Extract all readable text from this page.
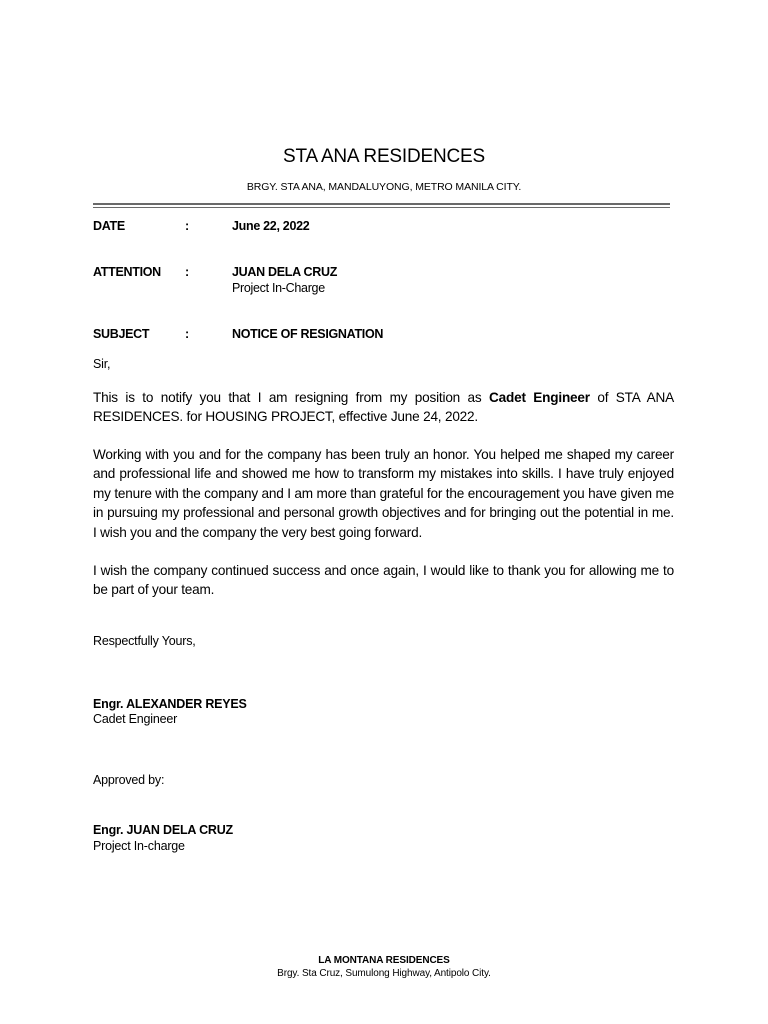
STA ANA RESIDENCES
BRGY. STA ANA, MANDALUYONG, METRO MANILA CITY.
DATE	:	June 22, 2022
ATTENTION :	JUAN DELA CRUZ
Project In-Charge
SUBJECT	:	NOTICE OF RESIGNATION
Sir,
This is to notify you that I am resigning from my position as Cadet Engineer of STA ANA
RESIDENCES. for HOUSING PROJECT, effective June 24, 2022.
Working with you and for the company has been truly an honor. You helped me shaped my career and professional life and showed me how to transform my mistakes into skills. I have truly enjoyed my tenure with the company and I am more than grateful for the encouragement you have given me in pursuing my professional and personal growth objectives and for bringing out the potential in me. I wish you and the company the very best going forward.
I wish the company continued success and once again, I would like to thank you for allowing me to be part of your team.
Respectfully Yours,
Engr. ALEXANDER REYES
Cadet Engineer
Approved by:
Engr. JUAN DELA CRUZ
Project In-charge
LA MONTANA RESIDENCES
Brgy. Sta Cruz, Sumulong Highway, Antipolo City.
